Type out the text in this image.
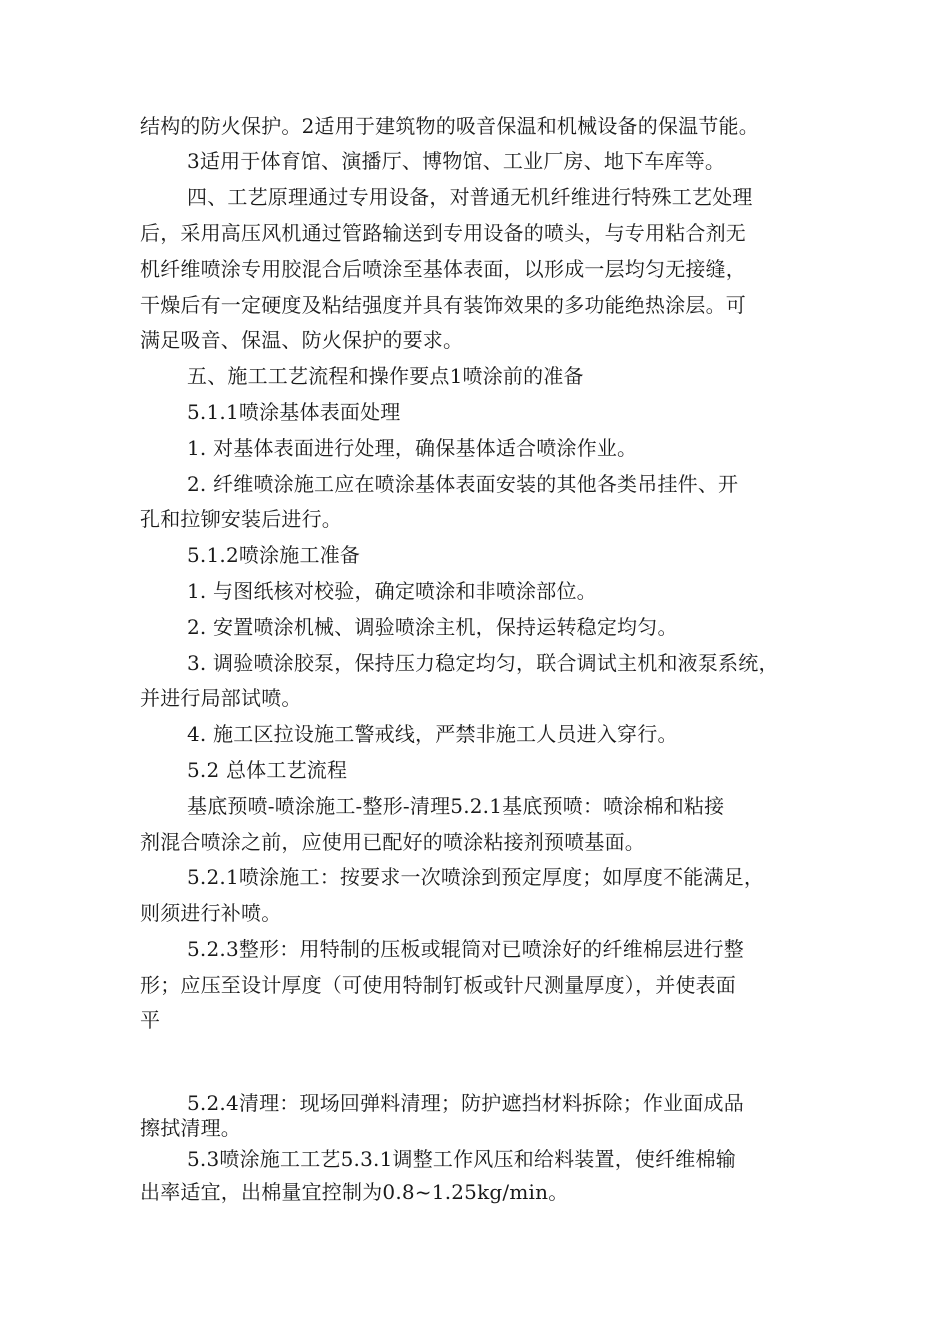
结构的防火保护。2适用于建筑物的吸音保温和机械设备的保温节能。
3适用于体育馆、演播厅、博物馆、工业厂房、地下车库等。
四、工艺原理通过专用设备，对普通无机纤维进行特殊工艺处理
后，采用高压风机通过管路输送到专用设备的喷头，与专用粘合剂无
机纤维喷涂专用胶混合后喷涂至基体表面，以形成一层均匀无接缝，
干燥后有一定硬度及粘结强度并具有装饰效果的多功能绝热涂层。可
满足吸音、保温、防火保护的要求。
五、施工工艺流程和操作要点1喷涂前的准备
5.1.1喷涂基体表面处理
1. 对基体表面进行处理，确保基体适合喷涂作业。
2. 纤维喷涂施工应在喷涂基体表面安装的其他各类吊挂件、开
孔和拉铆安装后进行。
5.1.2喷涂施工准备
1. 与图纸核对校验，确定喷涂和非喷涂部位。
2. 安置喷涂机械、调验喷涂主机，保持运转稳定均匀。
3. 调验喷涂胶泵，保持压力稳定均匀，联合调试主机和液泵系统，
并进行局部试喷。
4. 施工区拉设施工警戒线，严禁非施工人员进入穿行。
5.2 总体工艺流程
基底预喷-喷涂施工-整形-清理5.2.1基底预喷：喷涂棉和粘接
剂混合喷涂之前，应使用已配好的喷涂粘接剂预喷基面。
5.2.1喷涂施工：按要求一次喷涂到预定厚度；如厚度不能满足，
则须进行补喷。
5.2.3整形：用特制的压板或辊筒对已喷涂好的纤维棉层进行整
形；应压至设计厚度（可使用特制钉板或针尺测量厚度），并使表面
平
5.2.4清理：现场回弹料清理；防护遮挡材料拆除；作业面成品
擦拭清理。
5.3喷涂施工工艺5.3.1调整工作风压和给料装置，使纤维棉输
出率适宜，出棉量宜控制为0.8~1.25kg/min。
